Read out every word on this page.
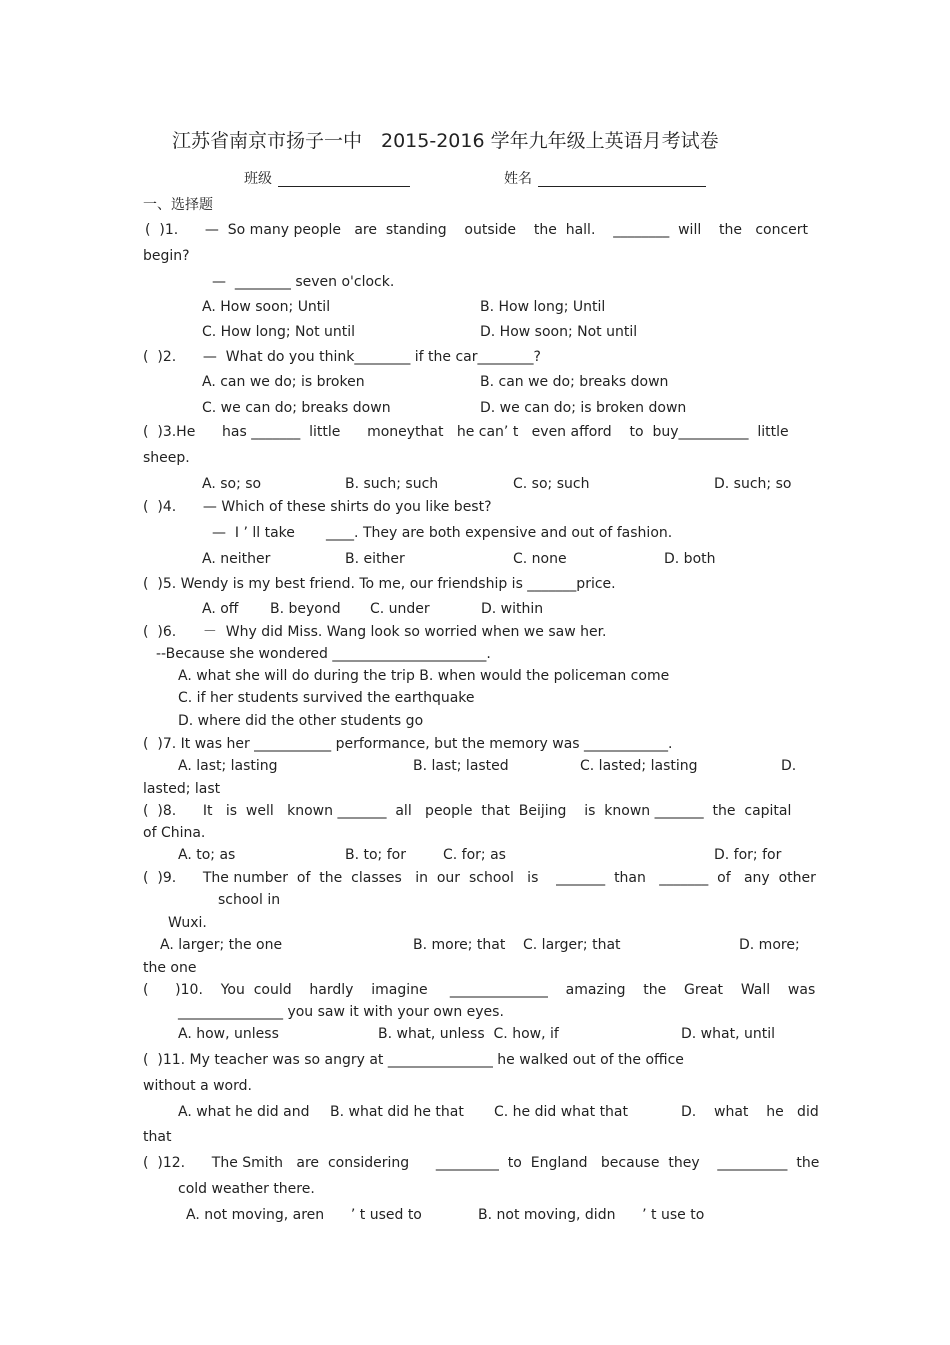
江苏省南京市扬子一中　2015-2016 学年九年级上英语月考试卷
班级	姓名
一、选择题
(  )1.      —  So many people   are  standing    outside    the  hall.    ________  will    the   concert
begin?
—  ________ seven o'clock.
A. How soon; Until	B. How long; Until
C. How long; Not until	D. How soon; Not until
(  )2.      —  What do you think________ if the car________?
A. can we do; is broken	B. can we do; breaks down
C. we can do; breaks down	D. we can do; is broken down
(  )3.He      has _______  little      moneythat   he can’ t   even afford    to  buy__________  little
sheep.
A. so; so	B. such; such	C. so; such	D. such; so
(  )4.      — Which of these shirts do you like best?
—  I ’ ll take       ____. They are both expensive and out of fashion.
A. neither	B. either	C. none	D. both
(  )5. Wendy is my best friend. To me, our friendship is _______price.
A. off B. beyond C. under	D. within
(  )6.      －  Why did Miss. Wang look so worried when we saw her.
--Because she wondered ______________________.
A. what she will do during the trip B. when would the policeman come
C. if her students survived the earthquake
D. where did the other students go
(  )7. It was her ___________ performance, but the memory was ____________.
A. last; lasting	B. last; lasted	C. lasted; lasting	D.
lasted; last
(  )8.      It   is  well   known _______  all   people  that  Beijing    is  known _______  the  capital
of China.
A. to; as	B. to; for	C. for; as	D. for; for
(  )9.      The number  of  the  classes   in  our  school   is    _______  than   _______  of   any  other
school in
Wuxi.
A. larger; the one	B. more; that C. larger; that	D. more;
the one
(      )10.    You  could    hardly    imagine     ______________    amazing    the    Great    Wall    was
_______________ you saw it with your own eyes.
A. how, unless	B. what, unless  C. how, if	D. what, until
(  )11. My teacher was so angry at _______________ he walked out of the office
without a word.
A. what he did and B. what did he that C. he did what that	D.    what    he   did
that
(  )12.      The Smith   are  considering      _________  to  England   because  they    __________  the
cold weather there.
A. not moving, aren      ’ t used to	B. not moving, didn      ’ t use to
